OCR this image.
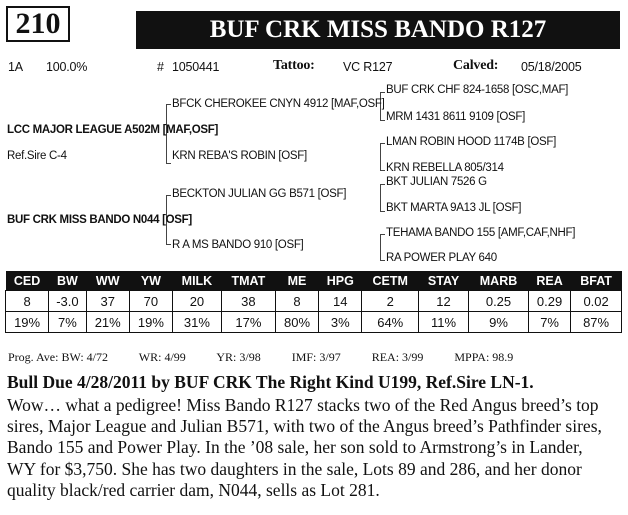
210	BUF CRK MISS BANDO R127
1A 100.0%	# 1050441	Tattoo: VC R127	Calved: 05/18/2005
LCC MAJOR LEAGUE A502M [MAF,OSF]
Ref.Sire C-4
BUF CRK MISS BANDO N044 [OSF]
BFCK CHEROKEE CNYN 4912 [MAF,OSF]
KRN REBA'S ROBIN [OSF]
BECKTON JULIAN GG B571 [OSF]
R A MS BANDO 910 [OSF]
BUF CRK CHF 824-1658 [OSC,MAF]
MRM 1431 8611 9109 [OSF]
LMAN ROBIN HOOD 1174B [OSF]
KRN REBELLA 805/314
BKT JULIAN 7526 G
BKT MARTA 9A13 JL [OSF]
TEHAMA BANDO 155 [AMF,CAF,NHF]
RA POWER PLAY 640
CED	BW	WW	YW	MILK	TMAT	ME	HPG	CETM	STAY	MARB	REA	BFAT
8	-3.0	37	70	20	38	8	14	2	12	0.25	0.29	0.02
19%	7%	21%	19%	31%	17%	80%	3%	64%	11%	9%	7%	87%
Prog. Ave: BW: 4/72	WR: 4/99	YR: 3/98	IMF: 3/97	REA: 3/99	MPPA: 98.9
Bull Due 4/28/2011 by BUF CRK The Right Kind U199, Ref.Sire LN-1.
Wow… what a pedigree! Miss Bando R127 stacks two of the Red Angus breed’s top
sires, Major League and Julian B571, with two of the Angus breed’s Pathfinder sires,
Bando 155 and Power Play. In the ’08 sale, her son sold to Armstrong’s in Lander,
WY for $3,750. She has two daughters in the sale, Lots 89 and 286, and her donor
quality black/red carrier dam, N044, sells as Lot 281.
